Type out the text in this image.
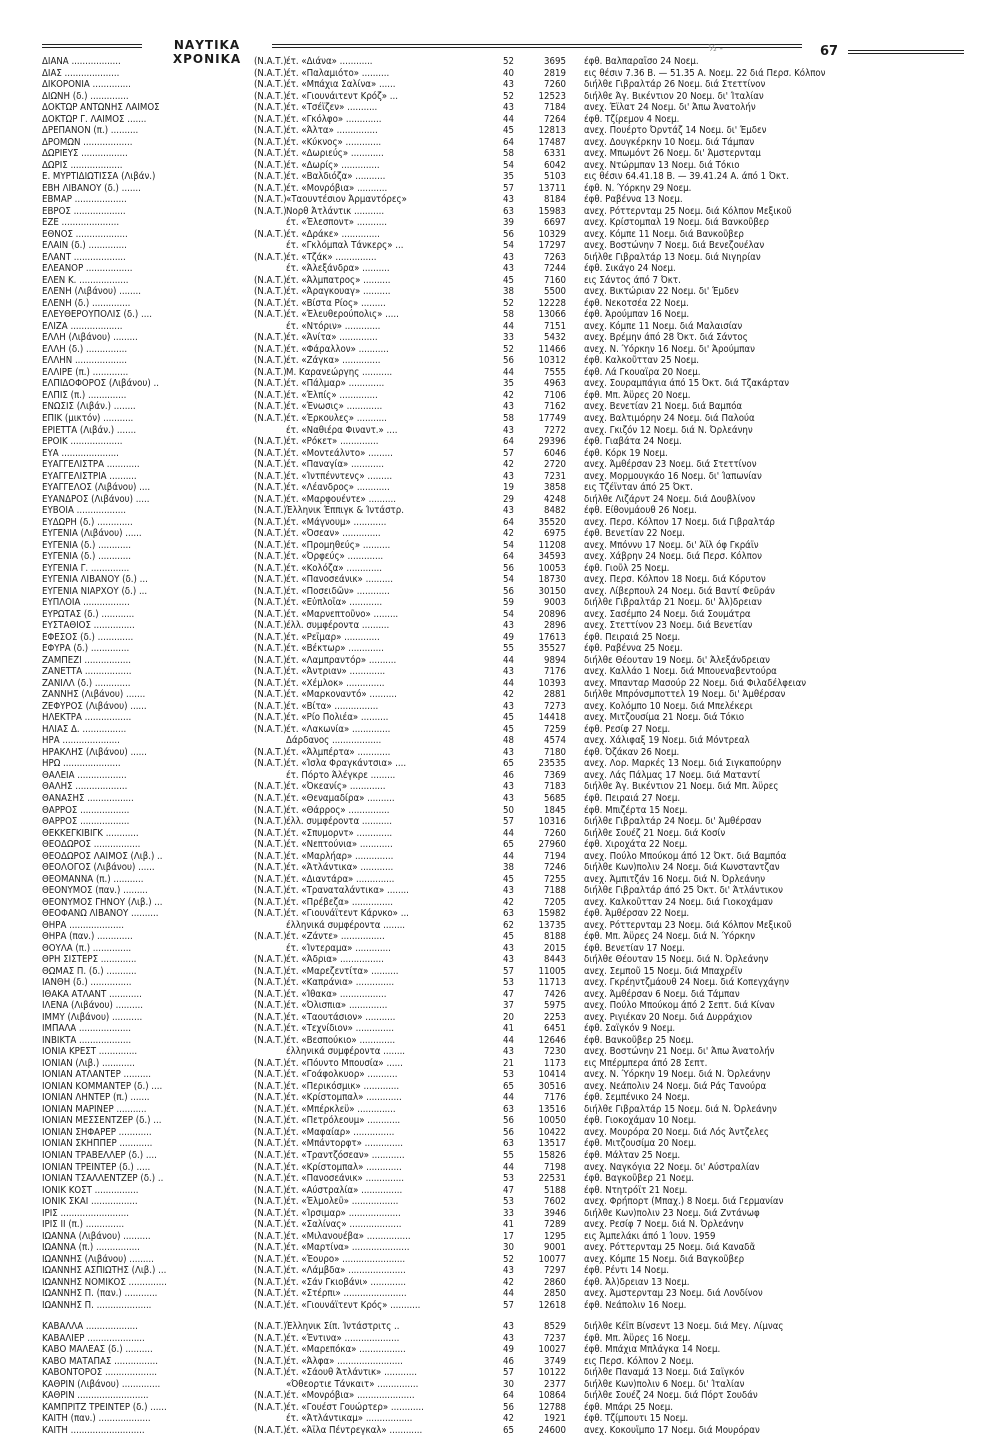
ΝΑΥΤΙΚΑ ΧΡΟΝΙΚΑ
½ -	67
ΔΙΑΝΑ ..................	(Ν.Α.Τ.) έτ. «Διάνα» ............	52	3695 έφθ. Βαλπαραΐσο 24 Νοεμ.
ΔΙΑΣ ....................	(Ν.Α.Τ.) έτ. «Παλαμιότο» ..........	40	2819 εις θέσιν 7.36 Β. — 51.35 Α. Νοεμ. 22 διά Περσ. Κόλπον
ΔΙΚΟΡΟΝΙΑ ..............	(Ν.Α.Τ.) έτ. «Μπάχια Σαλίνα» ......	43	7260 διήλθε Γιβραλτάρ 26 Νοεμ. διά Στεττίνον
ΔΙΩΝΗ (δ.) ..............	(Ν.Α.Τ.) έτ. «Γιουνάιτεντ Κρόζ» ...	52	12523 διήλθε Άγ. Βικέντιον 20 Νοεμ. δι' Ίταλίαν
ΔΟΚΤΩΡ ΑΝΤΩΝΗΣ ΛΑΙΜΟΣ	(Ν.Α.Τ.) έτ. «Τσέϊζεν» ...........	43	7184 ανεχ. Έϊλατ 24 Νοεμ. δι' Άπω Άνατολήν
ΔΟΚΤΩΡ Γ. ΛΑΙΜΟΣ .......	(Ν.Α.Τ.) έτ. «Γκόλφο» .............	44	7264 έφθ. Τζίρεμον 4 Νοεμ.
ΔΡΕΠΑΝΟΝ (π.) ..........	(Ν.Α.Τ.) έτ. «Άλτα» ...............	45	12813 ανεχ. Πουέρτο Όρντάζ 14 Νοεμ. δι' Έμδεν
ΔΡΟΜΩΝ ..................	(Ν.Α.Τ.) έτ. «Κύκνος» .............	64	17487 ανεχ. Δουγκέρκην 10 Νοεμ. διά Τάμπαν
ΔΩΡΙΕΥΣ .................	(Ν.Α.Τ.) έτ. «Δωριεύς» ............	58	6331 ανεχ. Μπωμόντ 26 Νοεμ. δι' Άμστερνταμ
ΔΩΡΙΣ ...................	(Ν.Α.Τ.) έτ. «Δωρίς» ..............	54	6042 ανεχ. Ντώρμπαν 13 Νοεμ. διά Τόκιο
Ε. ΜΥΡΤΙΔΙΩΤΙΣΣΑ (Λιβάν.)	(Ν.Α.Τ.) έτ. «Βαλδιόζα» ...........	35	5103 εις θέσιν 64.41.18 Β. — 39.41.24 Α. άπό 1 Όκτ.
ΕΒΗ ΛΙΒΑΝΟΥ (δ.) .......	(Ν.Α.Τ.) έτ. «Μονρόβια» ...........	57	13711 έφθ. Ν. Ύόρκην 29 Νοεμ.
ΕΒΜΑΡ ...................	(Ν.Α.Τ.) «Ταουντέσιον Άρμαντόρες»	43	8184 έφθ. Ραβέννα 13 Νοεμ.
ΕΒΡΟΣ ...................	(Ν.Α.Τ.) Νορθ Άτλάντικ ...........	63	15983 ανεχ. Ρόττερνταμ 25 Νοεμ. διά Κόλπον Μεξικοῦ
ΕΖΕ .....................	έτ. «Έλεσποντ» ...........	39	6697 ανεχ. Κρίστομπαλ 19 Νοεμ. διά Βανκοῦβερ
ΕΘΝΟΣ ...................	(Ν.Α.Τ.) έτ. «Δράκε» ..............	56	10329 ανεχ. Κόμπε 11 Νοεμ. διά Βανκοῦβερ
ΕΛΑΙΝ (δ.) ..............	έτ. «Γκλόμπαλ Τάνκερς» ...	54	17297 ανεχ. Βοστώνην 7 Νοεμ. διά Βενεζουέλαν
ΕΛΑΝΤ ...................	(Ν.Α.Τ.) έτ. «Τζάκ» ...............	43	7263 διήλθε Γιβραλτάρ 13 Νοεμ. διά Νιγηρίαν
ΕΛΕΑΝΟΡ .................	έτ. «Άλεξάνδρα» ..........	43	7244 έφθ. Σικάγο 24 Νοεμ.
ΕΛΕΝ Κ. ..................	(Ν.Α.Τ.) έτ. «Άλμπατρος» ..........	45	7160 εις Σάντος άπό 7 Όκτ.
ΕΛΕΝΗ (Λιβάνου) ........	(Ν.Α.Τ.) έτ. «Άραγκουαγ» ..........	38	5500 ανεχ. Βικτώριαν 22 Νοεμ. δι' Έμδεν
ΕΛΕΝΗ (δ.) ..............	(Ν.Α.Τ.) έτ. «Βίστα Ρίος» .........	52	12228 έφθ. Νεκοτσέα 22 Νοεμ.
ΕΛΕΥΘΕΡΟΥΠΟΛΙΣ (δ.) ....	(Ν.Α.Τ.) έτ. «Έλευθερούπολις» .....	58	13066 έφθ. Άρούμπαν 16 Νοεμ.
ΕΛΙΖΑ ...................	έτ. «Ντόριν» .............	44	7151 ανεχ. Κόμπε 11 Νοεμ. διά Μαλαισίαν
ΕΛΛΗ (Λιβάνου) .........	(Ν.Α.Τ.) έτ. «Άνίτα» ..............	33	5432 ανεχ. Βρέμην άπό 28 Όκτ. διά Σάντος
ΕΛΛΗ (δ.) ...............	(Ν.Α.Τ.) έτ. «Φάραλλον» ...........	52	11466 ανεχ. Ν. Ύόρκην 16 Νοεμ. δι' Άρούμπαν
ΕΛΛΗΝ ...................	(Ν.Α.Τ.) έτ. «Ζάγκα» ..............	56	10312 έφθ. Καλκοῦτταν 25 Νοεμ.
ΕΛΛΙΡΕ (π.) .............	(Ν.Α.Τ.) Μ. Καρανεώργης ...........	44	7555 έφθ. Λά Γκουαϊρα 20 Νοεμ.
ΕΛΠΙΔΟΦΟΡΟΣ (Λιβάνου) ..	(Ν.Α.Τ.) έτ. «Πάλμαρ» .............	35	4963 ανεχ. Σουραμπάγια άπό 15 Όκτ. διά Τζακάρταν
ΕΛΠΙΣ (π.) ..............	(Ν.Α.Τ.) έτ. «Έλπίς» ..............	42	7106 έφθ. Μπ. Άϋρες 20 Νοεμ.
ΕΝΩΣΙΣ (Λιβάν.) ........	(Ν.Α.Τ.) έτ. «Ένωσις» .............	43	7162 ανεχ. Βενετίαν 21 Νοεμ. διά Βαμπόα
ΕΠΙΚ (μικτόν) ...........	(Ν.Α.Τ.) έτ. «Έρκουλες» ...........	58	17749 ανεχ. Βαλτιμόρην 24 Νοεμ. διά Παλούα
ΕΡΙΕΤΤΑ (Λιβάν.) .......	έτ. «Ναθιέρα Φιναντ.» ....	43	7272 ανεχ. Γκιζόν 12 Νοεμ. διά Ν. Όρλεάνην
ΕΡΟΪΚ ...................	(Ν.Α.Τ.) έτ. «Ρόκετ» ..............	64	29396 έφθ. Γιαβάτα 24 Νοεμ.
ΕΥΑ .....................	(Ν.Α.Τ.) έτ. «Μοντεάλντο» .........	57	6046 έφθ. Κόρκ 19 Νοεμ.
ΕΥΑΓΓΕΛΙΣΤΡΑ ............	(Ν.Α.Τ.) έτ. «Παναγία» ............	42	2720 ανεχ. Άμθέρσαν 23 Νοεμ. διά Στεττίνον
ΕΥΑΓΓΕΛΙΣΤΡΙΑ ..........	(Ν.Α.Τ.) έτ. «Ίντπένντενς» .........	43	7231 ανεχ. Μορμουγκάο 16 Νοεμ. δι' Ίαπωνίαν
ΕΥΑΓΓΕΛΟΣ (Λιβάνου) ....	(Ν.Α.Τ.) έτ. «Λέανδρος» ............	19	3858 εις Τζέϊνταν άπό 25 Όκτ.
ΕΥΑΝΔΡΟΣ (Λιβάνου) .....	(Ν.Α.Τ.) έτ. «Μαρφουέντε» ..........	29	4248 διήλθε Λιζάρντ 24 Νοεμ. διά Δουβλίνον
ΕΥΒΟΙΑ ..................	(Ν.Α.Τ.) Έλληνικ Έππιγκ & Ίντάστρ.	43	8482 έφθ. Είθονμάουθ 26 Νοεμ.
ΕΥΔΩΡΗ (δ.) .............	(Ν.Α.Τ.) έτ. «Μάγνουμ» ............	64	35520 ανεχ. Περσ. Κόλπον 17 Νοεμ. διά Γιβραλτάρ
ΕΥΓΕΝΙΑ (Λιβάνου) ......	(Ν.Α.Τ.) έτ. «Όσεαν» ..............	42	6975 έφθ. Βενετίαν 22 Νοεμ.
ΕΥΓΕΝΙΑ (δ.) ............	(Ν.Α.Τ.) έτ. «Προμηθεύς» ..........	54	11208 ανεχ. Μπόννυ 17 Νοεμ. δι' Άϊλ όφ Γκράϊν
ΕΥΓΕΝΙΑ (δ.) ............	(Ν.Α.Τ.) έτ. «Όρφεύς» .............	64	34593 ανεχ. Χάβρην 24 Νοεμ. διά Περσ. Κόλπον
ΕΥΓΕΝΙΑ Γ. ..............	(Ν.Α.Τ.) έτ. «Κολόζα» .............	56	10053 έφθ. Γιοῦλ 25 Νοεμ.
ΕΥΓΕΝΙΑ ΛΙΒΑΝΟΥ (δ.) ...	(Ν.Α.Τ.) έτ. «Πανοσεάνικ» ..........	54	18730 ανεχ. Περσ. Κόλπον 18 Νοεμ. διά Κόρυτον
ΕΥΓΕΝΙΑ ΝΙΑΡΧΟΥ (δ.) ...	(Ν.Α.Τ.) έτ. «Ποσειδῶν» ............	56	30150 ανεχ. Λίβερπουλ 24 Νοεμ. διά Βαντί Φεϋράν
ΕΥΠΛΟΙΑ .................	(Ν.Α.Τ.) έτ. «Εὐπλοΐα» ............	59	9003 διήλθε Γιβραλτάρ 21 Νοεμ. δι' Άλ)δρειαν
ΕΥΡΩΤΑΣ (δ.) ............	(Ν.Α.Τ.) έτ. «Μαρνεπτοῦνο» .........	54	20896 ανεχ. Σασέμπο 24 Νοεμ. διά Σουμάτρα
ΕΥΣΤΑΘΙΟΣ ...............	(Ν.Α.Τ.) έλλ. συμφέροντα ..........	43	2896 ανεχ. Στεττίνον 23 Νοεμ. διά Βενετίαν
ΕΦΕΣΟΣ (δ.) .............	(Ν.Α.Τ.) έτ. «Ρεΐμαρ» .............	49	17613 έφθ. Πειραιά 25 Νοεμ.
ΕΦΥΡΑ (δ.) ..............	(Ν.Α.Τ.) έτ. «Βέκτωρ» .............	55	35527 έφθ. Ραβέννα 25 Νοεμ.
ΖΑΜΠΕΖΙ .................	(Ν.Α.Τ.) έτ. «Λαμπραντόρ» ..........	44	9894 διήλθε Θέουταν 19 Νοεμ. δι' Άλεξάνδρειαν
ΖΑΝΕΤΤΑ .................	(Ν.Α.Τ.) έτ. «Άντριαν» .............	43	7176 ανεχ. Καλλάο 1 Νοεμ. διά Μπουεναβεντούρα
ΖΑΝΙΛΛ (δ.) .............	(Ν.Α.Τ.) έτ. «Χέμλοκ» ..............	44	10393 ανεχ. Μπανταρ Μασούρ 22 Νοεμ. διά Φιλαδέλφειαν
ΖΑΝΝΗΣ (Λιβάνου) .......	(Ν.Α.Τ.) έτ. «Μαρκοναντό» ..........	42	2881 διήλθε Μπρόνσμποττελ 19 Νοεμ. δι' Άμθέρσαν
ΖΕΦΥΡΟΣ (Λιβάνου) ......	(Ν.Α.Τ.) έτ. «Βίτα» ................	43	7273 ανεχ. Κολόμπο 10 Νοεμ. διά Μπελέκερι
ΗΛΕΚΤΡΑ .................	(Ν.Α.Τ.) έτ. «Ρίο Πολιέα» ..........	45	14418 ανεχ. Μιτζουσίμα 21 Νοεμ. διά Τόκιο
ΗΛΙΑΣ Δ. ................	(Ν.Α.Τ.) έτ. «Λακωνία» ..............	45	7259 έφθ. Ρεσίφ 27 Νοεμ.
ΗΡΑ .....................	Δάρδανος ..................	48	4574 ανεχ. Χάλιφαξ 19 Νοεμ. διά Μόντρεαλ
ΗΡΑΚΛΗΣ (Λιβάνου) ......	(Ν.Α.Τ.) έτ. «Άλμπέρτα» ............	43	7180 έφθ. Όζάκαν 26 Νοεμ.
ΗΡΩ .....................	(Ν.Α.Τ.) έτ. «Ίσλα Φραγκάντσια» ....	65	23535 ανεχ. Λορ. Μαρκές 13 Νοεμ. διά Σιγκαπούρην
ΘΑΛΕΙΑ ..................	έτ. Πόρτο Άλέγκρε .........	46	7369 ανεχ. Λάς Πάλμας 17 Νοεμ. διά Ματαντί
ΘΑΛΗΣ ...................	(Ν.Α.Τ.) έτ. «Όκεανίς» .............	43	7183 διήλθε Άγ. Βικέντιον 21 Νοεμ. διά Μπ. Άϋρες
ΘΑΝΑΣΗΣ .................	(Ν.Α.Τ.) έτ. «Θεναμαδίρα» ..........	43	5685 έφθ. Πειραιά 27 Νοεμ.
ΘΑΡΡΟΣ ..................	(Ν.Α.Τ.) έτ. «Θάρρος» ...............	50	1845 έφθ. Μπιζέρτα 15 Νοεμ.
ΘΑΡΡΟΣ ..................	(Ν.Α.Τ.) έλλ. συμφέροντα ...........	57	10316 διήλθε Γιβραλτάρ 24 Νοεμ. δι' Άμθέρσαν
ΘΕΚΚΕΓΚΙΒΙΓΚ ............	(Ν.Α.Τ.) έτ. «Σπυμορντ» .............	44	7260 διήλθε Σουέζ 21 Νοεμ. διά Κοσίν
ΘΕΟΔΩΡΟΣ .................	(Ν.Α.Τ.) έτ. «Νεπτούνια» ............	65	27960 έφθ. Χιροχάτα 22 Νοεμ.
ΘΕΟΔΩΡΟΣ ΛΑΙΜΟΣ (Λιβ.) ..	(Ν.Α.Τ.) έτ. «Μαρλήαρ» ..............	44	7194 ανεχ. Πούλο Μπούκομ άπό 12 Όκτ. διά Βαμπόα
ΘΕΟΛΟΓΟΣ (Λιβάνου) ......	(Ν.Α.Τ.) έτ. «Άτλάντικα» ............	38	7246 διήλθε Κων)πολιν 24 Νοεμ. διά Κωνσταντζαν
ΘΕΟΜΑΝΝΑ (π.) ...........	(Ν.Α.Τ.) έτ. «Διαντάρα» ..............	45	7255 ανεχ. Άμπιτζάν 16 Νοεμ. διά Ν. Όρλεάνην
ΘΕΟΝΥΜΟΣ (παν.) .........	(Ν.Α.Τ.) έτ. «Τραναταλάντικα» ........	43	7188 διήλθε Γιβραλτάρ άπό 25 Όκτ. δι' Άτλάντικον
ΘΕΟΝΥΜΟΣ ΓΗΝΟΥ (Λιβ.) ...	(Ν.Α.Τ.) έτ. «Πρέβεζα» ...............	42	7205 ανεχ. Καλκοῦτταν 24 Νοεμ. διά Γιοκοχάμαν
ΘΕΟΦΑΝΩ ΛΙΒΑΝΟΥ ..........	(Ν.Α.Τ.) έτ. «Γιουνάϊτεντ Κάρνκο» ...	63	15982 έφθ. Άμθέρσαν 22 Νοεμ.
ΘΗΡΑ ....................	έλληνικά συμφέροντα ........	62	13735 ανεχ. Ρόττερνταμ 23 Νοεμ. διά Κόλπον Μεξικοῦ
ΘΗΡΑ (παν.) .............	(Ν.Α.Τ.) έτ. «Ζάντε» ................	45	8188 έφθ. Μπ. Άϋρες 24 Νοεμ. διά Ν. Ύόρκην
ΘΟΥΛΑ (π.) ..............	έτ. «Ίντεραμα» .............	43	2015 έφθ. Βενετίαν 17 Νοεμ.
ΘΡΗ ΣΙΣΤΕΡΣ .............	(Ν.Α.Τ.) έτ. «Άδρια» ................	43	8443 διήλθε Θέουταν 15 Νοεμ. διά Ν. Όρλεάνην
ΘΩΜΑΣ Π. (δ.) ...........	(Ν.Α.Τ.) έτ. «Μαρεζεντίτα» ..........	57	11005 ανεχ. Σεμποῦ 15 Νοεμ. διά Μπαχρέϊν
ΙΑΝΘΗ (δ.) ...............	(Ν.Α.Τ.) έτ. «Καπράνια» ..............	53	11713 ανεχ. Γκρέηντζμάουθ 24 Νοεμ. διά Κοπεγχάγην
ΙΘΑΚΑ ΑΤΛΑΝΤ ............	(Ν.Α.Τ.) έτ. «Ίθακα» .................	47	7426 ανεχ. Άμθέρσαν 6 Νοεμ. διά Τάμπαν
ΙΛΕΝΑ (Λιβάνου) ..........	(Ν.Α.Τ.) έτ. «Όλισπια» ..............	37	5975 ανεχ. Πούλο Μπούκομ άπό 2 Σεπτ. διά Κίναν
ΙΜΜΥ (Λιβάνου) ...........	(Ν.Α.Τ.) έτ. «Ταουτάσιον» ...........	20	2253 ανεχ. Ριγιέκαν 20 Νοεμ. διά Δυρράχιον
ΙΜΠΑΛΑ ...................	(Ν.Α.Τ.) έτ. «Τεχνίδιον» ..............	41	6451 έφθ. Σαϊγκόν 9 Νοεμ.
ΙΝΒΙΚΤΑ ...................	(Ν.Α.Τ.) έτ. «Βεσπούκιο» .............	44	12646 έφθ. Βανκοῦβερ 25 Νοεμ.
ΙΟΝΙΑ ΚΡΕΣΤ ..............	έλληνικά συμφέροντα ........	43	7230 ανεχ. Βοστώνην 21 Νοεμ. δι' Άπω Άνατολήν
ΙΟΝΙΑΝ (Λιβ.) ............	(Ν.Α.Τ.) έτ. «Πόυντο Μπουσία» ......	21	1173 εις Μπέρμπερα άπό 28 Σεπτ.
ΙΟΝΙΑΝ ΑΤΛΑΝΤΕΡ ..........	(Ν.Α.Τ.) έτ. «Γοάφολκυορ» ...........	53	10414 ανεχ. Ν. Ύόρκην 19 Νοεμ. διά Ν. Όρλεάνην
ΙΟΝΙΑΝ ΚΟΜΜΑΝΤΕΡ (δ.) ....	(Ν.Α.Τ.) έτ. «Περικόσμικ» .............	65	30516 ανεχ. Νεάπολιν 24 Νοεμ. διά Ράς Τανούρα
ΙΟΝΙΑΝ ΛΗΝΤΕΡ (π.) .......	(Ν.Α.Τ.) έτ. «Κρίστομπαλ» .............	44	7176 έφθ. Σεμπένικο 24 Νοεμ.
ΙΟΝΙΑΝ ΜΑΡΙΝΕΡ ...........	(Ν.Α.Τ.) έτ. «Μπέρκλεϋ» ..............	63	13516 διήλθε Γιβραλτάρ 15 Νοεμ. διά Ν. Όρλεάνην
ΙΟΝΙΑΝ ΜΕΣΣΕΝΤΖΕΡ (δ.) ...	(Ν.Α.Τ.) έτ. «Πετρόλεουμ» ............	56	10050 έφθ. Γιοκοχάμαν 10 Νοεμ.
ΙΟΝΙΑΝ ΣΗΦΑΡΕΡ ............	(Ν.Α.Τ.) έτ. «Μαφαίαρ» ...............	56	10422 ανεχ. Μουρόρα 20 Νοεμ. διά Λός Άντζελες
ΙΟΝΙΑΝ ΣΚΗΠΠΕΡ ............	(Ν.Α.Τ.) έτ. «Μπάντορφτ» ..............	63	13517 έφθ. Μιτζουσίμα 20 Νοεμ.
ΙΟΝΙΑΝ ΤΡΑΒΕΛΛΕΡ (δ.) ....	(Ν.Α.Τ.) έτ. «Τραντζόσεαν» ............	55	15826 έφθ. Μάλταν 25 Νοεμ.
ΙΟΝΙΑΝ ΤΡΕΪΝΤΕΡ (δ.) .....	(Ν.Α.Τ.) έτ. «Κρίστομπαλ» .............	44	7198 ανεχ. Ναγκόγια 22 Νοεμ. δι' Αύστραλίαν
ΙΟΝΙΑΝ ΤΣΑΛΛΕΝΤΖΕΡ (δ.) ..	(Ν.Α.Τ.) έτ. «Πανοσεάνικ» ..............	53	22531 έφθ. Βαγκοῦβερ 21 Νοεμ.
ΙΟΝΙΚ ΚΟΣΤ ................	(Ν.Α.Τ.) έτ. «Αύστραλία» ...............	47	5188 έφθ. Ντητρόϊτ 21 Νοεμ.
ΙΟΝΙΚ ΣΚΑΪ .................	(Ν.Α.Τ.) έτ. «Έλμολεϋ» .................	53	7602 ανεχ. Φρήπορτ (Μπαχ.) 8 Νοεμ. διά Γερμανίαν
ΙΡΙΣ .........................	(Ν.Α.Τ.) έτ. «Ίρσιμαρ» ...................	33	3946 διήλθε Κων)πολιν 23 Νοεμ. διά Ζντάνωφ
ΙΡΙΣ ΙΙ (π.) ..............	(Ν.Α.Τ.) έτ. «Σαλίνας» ...................	41	7289 ανεχ. Ρεσίφ 7 Νοεμ. διά Ν. Όρλεάνην
ΙΩΑΝΝΑ (Λιβάνου) ..........	(Ν.Α.Τ.) έτ. «Μιλανουέβα» ................	17	1295 εις Άμπελάκι άπό 1 Ίουν. 1959
ΙΩΑΝΝΑ (π.) ................	(Ν.Α.Τ.) έτ. «Μαρτίνα» .....................	30	9001 ανεχ. Ρόττερνταμ 25 Νοεμ. διά Καναδᾶ
ΙΩΑΝΝΗΣ (Λιβάνου) .........	(Ν.Α.Τ.) έτ. «Έουρο» .......................	52	10077 ανεχ. Κόμπε 15 Νοεμ. διά Βαγκοῦβερ
ΙΩΑΝΝΗΣ ΑΣΠΙΩΤΗΣ (Λιβ.) ...	(Ν.Α.Τ.) έτ. «Λάμβδα» .....................	43	7297 έφθ. Ρέντι 14 Νοεμ.
ΙΩΑΝΝΗΣ ΝΟΜΙΚΟΣ ..............	(Ν.Α.Τ.) έτ. «Σάν Γκιοβάνι» .............	42	2860 έφθ. Άλ)δρειαν 13 Νοεμ.
ΙΩΑΝΝΗΣ Π. (παν.) ............	(Ν.Α.Τ.) έτ. «Στέρπι» .......................	44	2850 ανεχ. Άμστερνταμ 23 Νοεμ. διά Λονδίνον
ΙΩΑΝΝΗΣ Π. ....................	(Ν.Α.Τ.) έτ. «Γιουνάϊτεντ Κρός» ...........	57	12618 έφθ. Νεάπολιν 16 Νοεμ.
ΚΑΒΑΛΛΑ ...................	(Ν.Α.Τ.) Έλληνικ Σίπ. Ίντάστριτς ..	43	8529 διήλθε Κέϊπ Βίνσεντ 13 Νοεμ. διά Μεγ. Λίμνας
ΚΑΒΑΛΙΕΡ .....................	(Ν.Α.Τ.) έτ. «Έντινα» ....................	43	7237 έφθ. Μπ. Άϋρες 16 Νοεμ.
ΚΑΒΟ ΜΑΛΕΑΣ (δ.) ..........	(Ν.Α.Τ.) έτ. «Μαρεπόκα» .................	49	10027 έφθ. Μπάχια Μπλάγκα 14 Νοεμ.
ΚΑΒΟ ΜΑΤΑΠΑΣ ................	(Ν.Α.Τ.) έτ. «Άλφα» ........................	46	3749 εις Περσ. Κόλπον 2 Νοεμ.
ΚΑΒΟΝΤΟΡΟΣ ...................	(Ν.Α.Τ.) έτ. «Σάουθ Άτλάντικ» ............	57	10122 διήλθε Παναμά 13 Νοεμ. διά Σαϊγκόν
ΚΑΘΡΙΝ (Λιβάνου) ..............	«Όθεορτιε Τάνκαιτ» ...............	30	2377 διήλθε Κων)πολιν 6 Νοεμ. δι' Ίταλίαν
ΚΑΘΡΙΝ ..........................	(Ν.Α.Τ.) έτ. «Μονρόβια» .....................	64	10864 διήλθε Σουέζ 24 Νοεμ. διά Πόρτ Σουδάν
ΚΑΜΠΡΙΤΖ ΤΡΕΪΝΤΕΡ (δ.) ......	(Ν.Α.Τ.) έτ. «Γουέστ Γουώρτερ» ............	56	12788 έφθ. Μπάρι 25 Νοεμ.
ΚΑΙΤΗ (παν.) ...................	έτ. «Άτλάντικαμ» .................	42	1921 έφθ. Τζίμπουτι 15 Νοεμ.
ΚΑΙΤΗ ...........................	(Ν.Α.Τ.) έτ. «Άϊλα Πέντρεγκαλ» ............	65	24600 ανεχ. Κοκουΐμπο 17 Νοεμ. διά Μουρόραν
